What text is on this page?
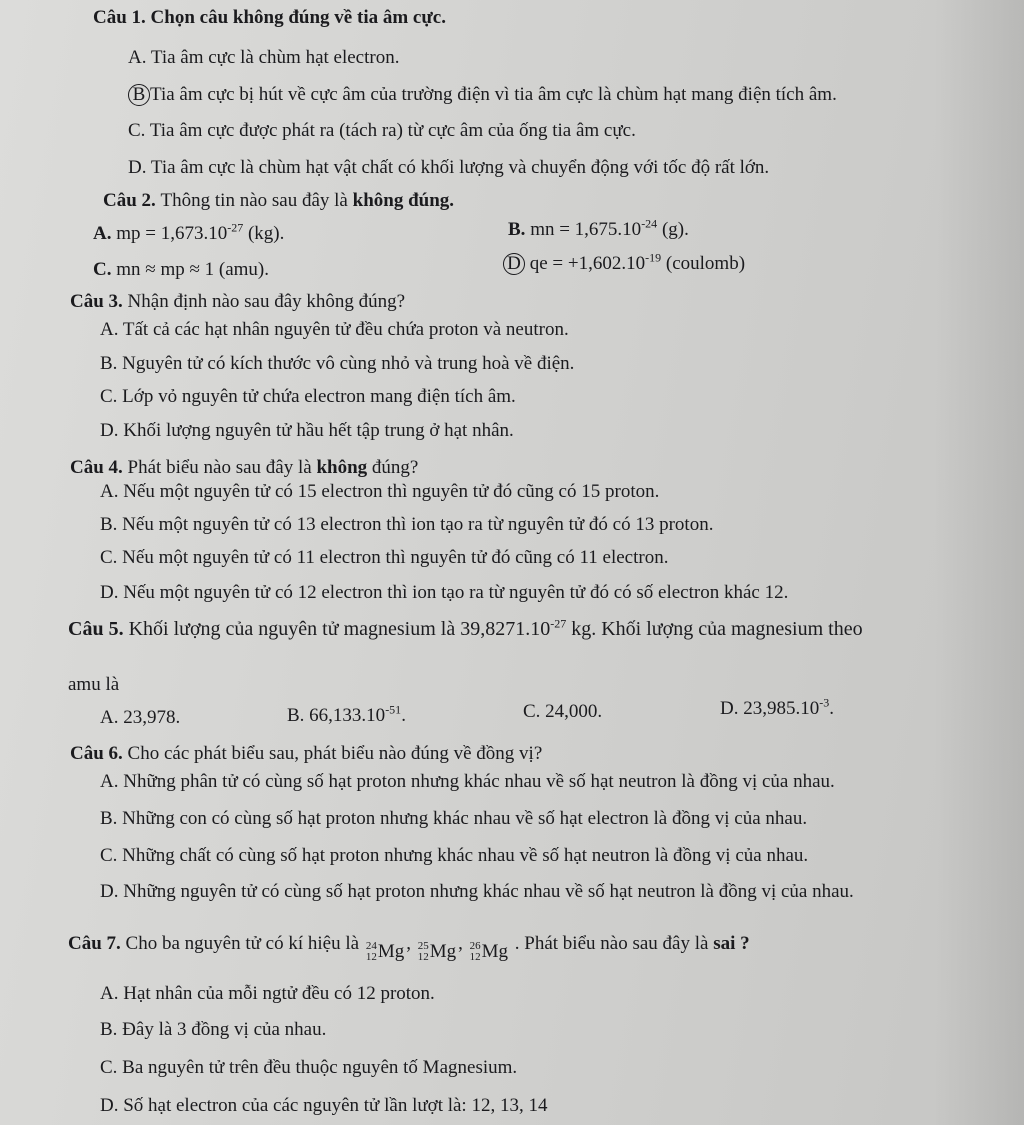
Câu 1. Chọn câu không đúng về tia âm cực.
A. Tia âm cực là chùm hạt electron.
B Tia âm cực bị hút về cực âm của trường điện vì tia âm cực là chùm hạt mang điện tích âm.
C. Tia âm cực được phát ra (tách ra) từ cực âm của ống tia âm cực.
D. Tia âm cực là chùm hạt vật chất có khối lượng và chuyển động với tốc độ rất lớn.
Câu 2. Thông tin nào sau đây là không đúng.
A. mp = $1,673.10^{-27}$ (kg).	B. mn = $1,675.10^{-24}$ (g).
C. mn ≈ mp ≈ 1 (amu).	D qe = $+1,602.10^{-19}$ (coulomb)
Câu 3. Nhận định nào sau đây không đúng?
A. Tất cả các hạt nhân nguyên tử đều chứa proton và neutron.
B. Nguyên tử có kích thước vô cùng nhỏ và trung hoà về điện.
C. Lớp vỏ nguyên tử chứa electron mang điện tích âm.
D. Khối lượng nguyên tử hầu hết tập trung ở hạt nhân.
Câu 4. Phát biểu nào sau đây là không đúng?
A. Nếu một nguyên tử có 15 electron thì nguyên tử đó cũng có 15 proton.
B. Nếu một nguyên tử có 13 electron thì ion tạo ra từ nguyên tử đó có 13 proton.
C. Nếu một nguyên tử có 11 electron thì nguyên tử đó cũng có 11 electron.
D. Nếu một nguyên tử có 12 electron thì ion tạo ra từ nguyên tử đó có số electron khác 12.
Câu 5. Khối lượng của nguyên tử magnesium là $39,8271.10^{-27}$ kg. Khối lượng của magnesium theo
amu là
A. 23,978.	B. $66,133.10^{-51}$.	C. 24,000.	D. $23,985.10^{-3}$.
Câu 6. Cho các phát biểu sau, phát biểu nào đúng về đồng vị?
A. Những phân tử có cùng số hạt proton nhưng khác nhau về số hạt neutron là đồng vị của nhau.
B. Những con có cùng số hạt proton nhưng khác nhau về số hạt electron là đồng vị của nhau.
C. Những chất có cùng số hạt proton nhưng khác nhau về số hạt neutron là đồng vị của nhau.
D. Những nguyên tử có cùng số hạt proton nhưng khác nhau về số hạt neutron là đồng vị của nhau.
Câu 7. Cho ba nguyên tử có kí hiệu là 24
12 Mg , 25
12 Mg , 26
12 Mg . Phát biểu nào sau đây là sai ?
A. Hạt nhân của mỗi ngtử đều có 12 proton.
B. Đây là 3 đồng vị của nhau.
C. Ba nguyên tử trên đều thuộc nguyên tố Magnesium.
D. Số hạt electron của các nguyên tử lần lượt là: 12, 13, 14
